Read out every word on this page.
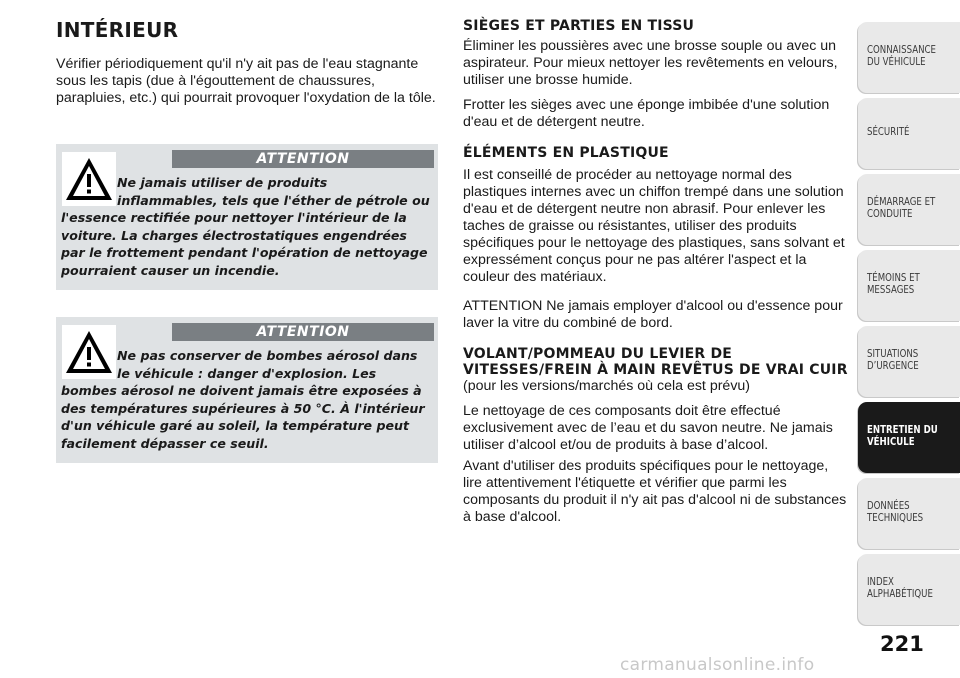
INTÉRIEUR

Vérifier périodiquement qu'il n'y ait pas de l'eau stagnante sous les tapis (due à l'égouttement de chaussures, parapluies, etc.) qui pourrait provoquer l'oxydation de la tôle.

ATTENTION
Ne jamais utiliser de produits inflammables, tels que l'éther de pétrole ou l'essence rectifiée pour nettoyer l'intérieur de la voiture. La charges électrostatiques engendrées par le frottement pendant l'opération de nettoyage pourraient causer un incendie.
ATTENTION
Ne pas conserver de bombes aérosol dans le véhicule : danger d'explosion. Les bombes aérosol ne doivent jamais être exposées à des températures supérieures à 50 °C. À l'intérieur d'un véhicule garé au soleil, la température peut facilement dépasser ce seuil.
SIÈGES ET PARTIES EN TISSU

Éliminer les poussières avec une brosse souple ou avec un aspirateur. Pour mieux nettoyer les revêtements en velours, utiliser une brosse humide.

Frotter les sièges avec une éponge imbibée d'une solution d'eau et de détergent neutre.

ÉLÉMENTS EN PLASTIQUE

Il est conseillé de procéder au nettoyage normal des plastiques internes avec un chiffon trempé dans une solution d'eau et de détergent neutre non abrasif. Pour enlever les taches de graisse ou résistantes, utiliser des produits spécifiques pour le nettoyage des plastiques, sans solvant et expressément conçus pour ne pas altérer l'aspect et la couleur des matériaux.

ATTENTION Ne jamais employer d'alcool ou d'essence pour laver la vitre du combiné de bord.

VOLANT/POMMEAU DU LEVIER DE VITESSES/FREIN À MAIN REVÊTUS DE VRAI CUIR

(pour les versions/marchés où cela est prévu)

Le nettoyage de ces composants doit être effectué exclusivement avec de l’eau et du savon neutre. Ne jamais utiliser d’alcool et/ou de produits à base d’alcool.

Avant d'utiliser des produits spécifiques pour le nettoyage, lire attentivement l'étiquette et vérifier que parmi les composants du produit il n'y ait pas d'alcool ni de substances à base d'alcool.

CONNAISSANCE
DU VÉHICULE
SÉCURITÉ
DÉMARRAGE ET
CONDUITE
TÉMOINS ET
MESSAGES
SITUATIONS
D’URGENCE
ENTRETIEN DU
VÉHICULE
DONNÉES
TECHNIQUES
INDEX
ALPHABÉTIQUE
221
carmanualsonline.info
